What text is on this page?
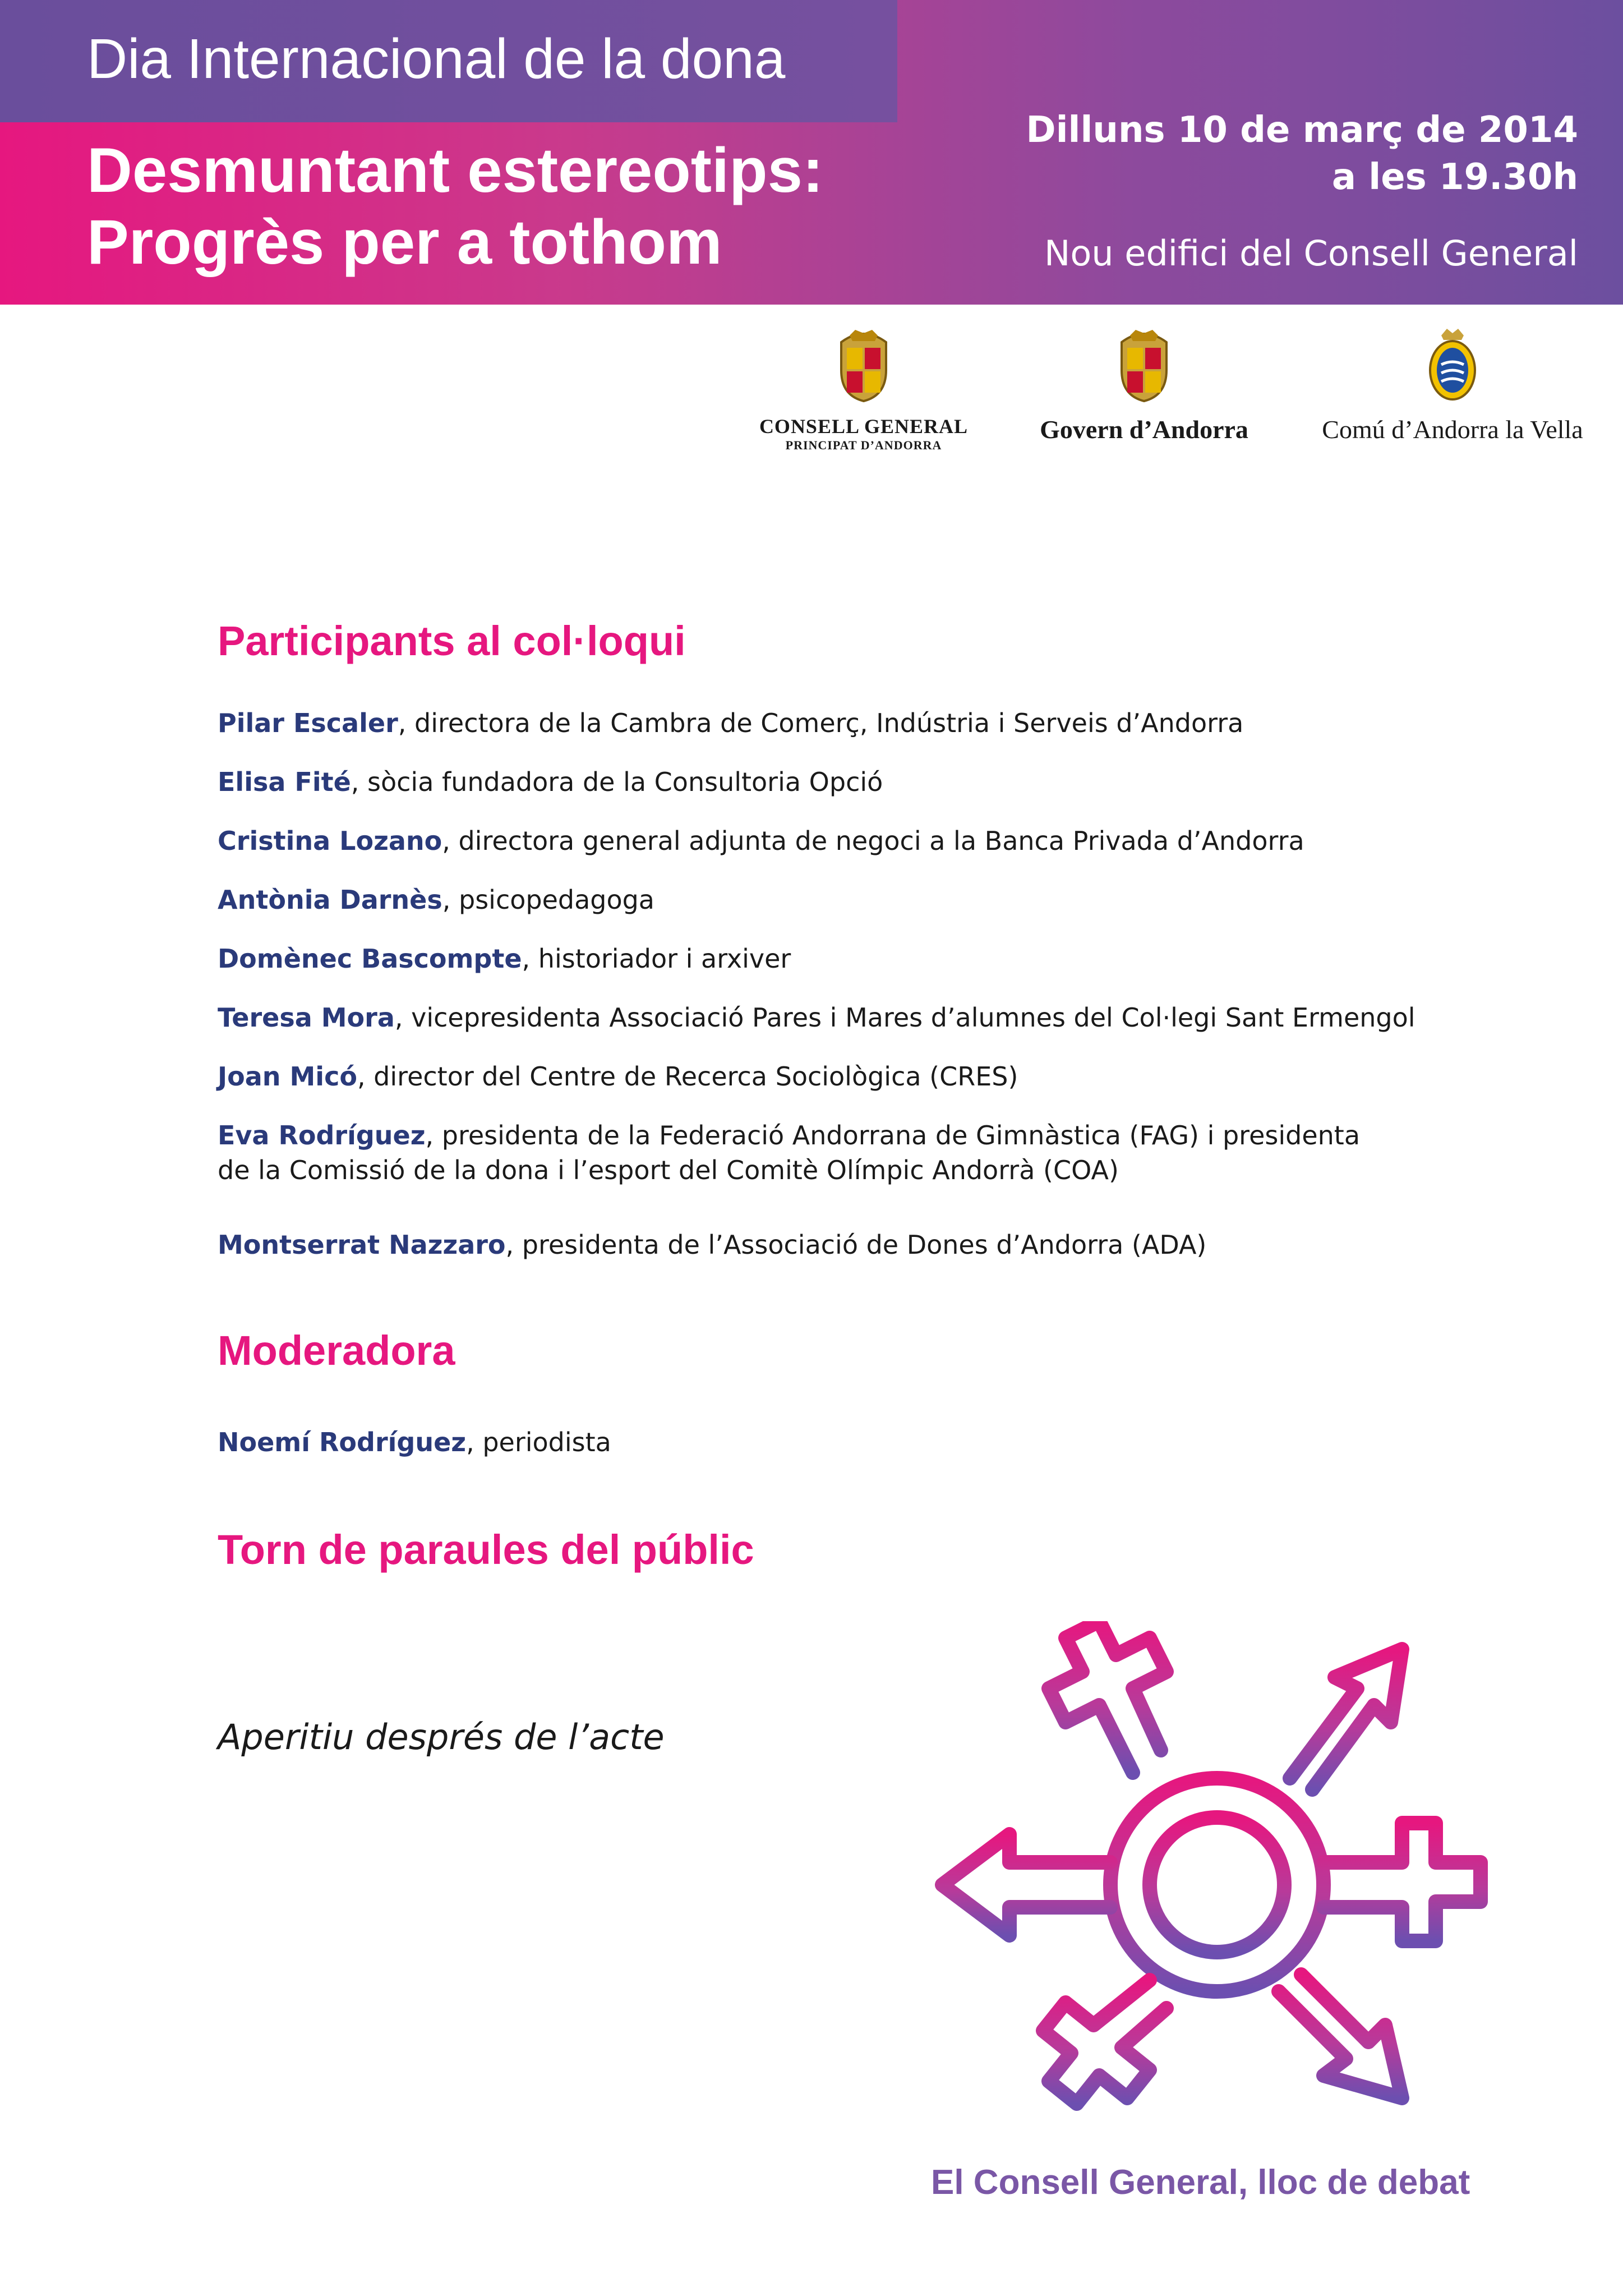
Dia Internacional de la dona
Desmuntant estereotips:
Progrès per a tothom
Dilluns 10 de març de 2014
a les 19.30h
Nou edifici del Consell General
CONSELL GENERAL
PRINCIPAT D’ANDORRA
Govern d’Andorra	Comú d’Andorra la Vella
Participants al col·loqui
Pilar Escaler, directora de la Cambra de Comerç, Indústria i Serveis d’Andorra
Elisa Fité, sòcia fundadora de la Consultoria Opció
Cristina Lozano, directora general adjunta de negoci a la Banca Privada d’Andorra
Antònia Darnès, psicopedagoga
Domènec Bascompte, historiador i arxiver
Teresa Mora, vicepresidenta Associació Pares i Mares d’alumnes del Col·legi Sant Ermengol
Joan Micó, director del Centre de Recerca Sociològica (CRES)
Eva Rodríguez, presidenta de la Federació Andorrana de Gimnàstica (FAG) i presidenta
de la Comissió de la dona i l’esport del Comitè Olímpic Andorrà (COA)
Montserrat Nazzaro, presidenta de l’Associació de Dones d’Andorra (ADA)
Moderadora
Noemí Rodríguez, periodista
Torn de paraules del públic
Aperitiu després de l’acte
El Consell General, lloc de debat
